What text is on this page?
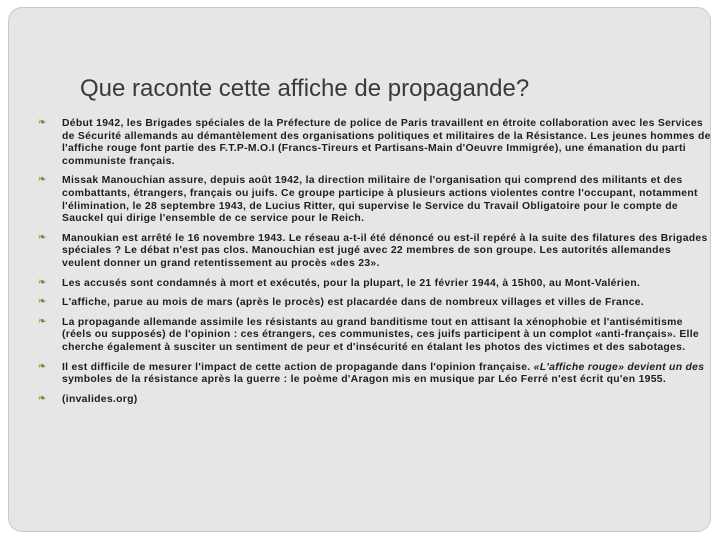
Que raconte cette affiche de propagande?
❧ Début 1942, les Brigades spéciales de la Préfecture de police de Paris travaillent en étroite collaboration avec les Services de Sécurité allemands au démantèlement des organisations politiques et militaires de la Résistance. Les jeunes hommes de l'affiche rouge font partie des F.T.P-M.O.I (Francs-Tireurs et Partisans-Main d'Oeuvre Immigrée), une émanation du parti communiste français.
❧ Missak Manouchian assure, depuis août 1942, la direction militaire de l'organisation qui comprend des militants et des combattants, étrangers, français ou juifs. Ce groupe participe à plusieurs actions violentes contre l'occupant, notamment l'élimination, le 28 septembre 1943, de Lucius Ritter, qui supervise le Service du Travail Obligatoire pour le compte de Sauckel qui dirige l'ensemble de ce service pour le Reich.
❧ Manoukian est arrêté le 16 novembre 1943. Le réseau a-t-il été dénoncé ou est-il repéré à la suite des filatures des Brigades spéciales ? Le débat n'est pas clos. Manouchian est jugé avec 22 membres de son groupe. Les autorités allemandes veulent donner un grand retentissement au procès «des 23».
❧ Les accusés sont condamnés à mort et exécutés, pour la plupart, le 21 février 1944, à 15h00, au Mont-Valérien.
❧ L'affiche, parue au mois de mars (après le procès) est placardée dans de nombreux villages et villes de France.
❧ La propagande allemande assimile les résistants au grand banditisme tout en attisant la xénophobie et l'antisémitisme (réels ou supposés) de l'opinion : ces étrangers, ces communistes, ces juifs participent à un complot «anti-français». Elle cherche également à susciter un sentiment de peur et d'insécurité en étalant les photos des victimes et des sabotages.
❧ Il est difficile de mesurer l'impact de cette action de propagande dans l'opinion française. «L'affiche rouge» devient un des symboles de la résistance après la guerre : le poème d'Aragon mis en musique par Léo Ferré n'est écrit qu'en 1955.
❧ (invalides.org)
